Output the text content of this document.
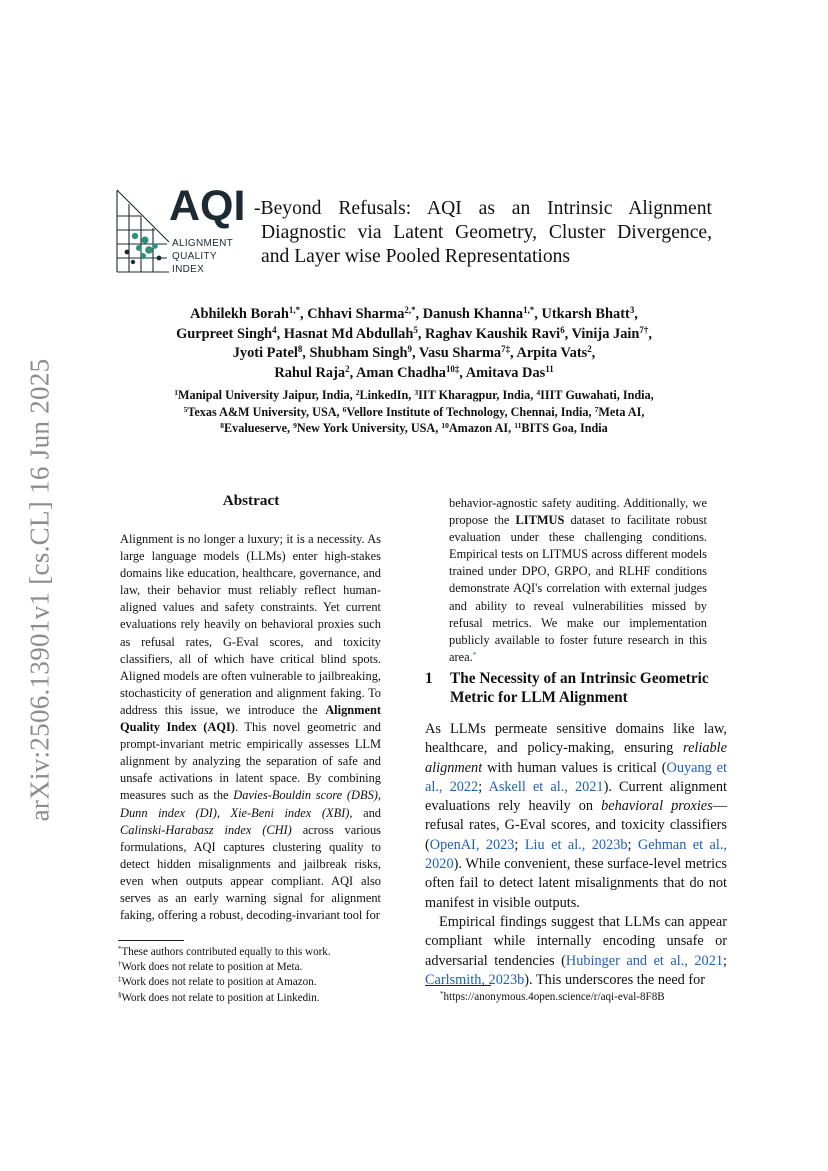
arXiv:2506.13901v1 [cs.CL] 16 Jun 2025
AQI
ALIGNMENT
QUALITY
INDEX
-Beyond Refusals: AQI as an Intrinsic Alignment
Diagnostic via Latent Geometry, Cluster Divergence,
and Layer wise Pooled Representations
Abhilekh Borah$^{1,*}$, Chhavi Sharma$^{2,*}$, Danush Khanna$^{1,*}$, Utkarsh Bhatt$^3$,
Gurpreet Singh$^4$, Hasnat Md Abdullah$^5$, Raghav Kaushik Ravi$^6$, Vinija Jain$^{7\dagger}$,
Jyoti Patel$^8$, Shubham Singh$^9$, Vasu Sharma$^{7\ddagger}$, Arpita Vats$^2$,
Rahul Raja$^2$, Aman Chadha$^{10\ddagger}$, Amitava Das$^{11}$
$^1$Manipal University Jaipur, India, $^2$LinkedIn, $^3$IIT Kharagpur, India, $^4$IIIT Guwahati, India,
$^5$Texas A&M University, USA, $^6$Vellore Institute of Technology, Chennai, India, $^7$Meta AI,
$^8$Evalueserve, $^9$New York University, USA, $^{10}$Amazon AI, $^{11}$BITS Goa, India
Abstract
Alignment is no longer a luxury; it is a necessity. As large language models (LLMs) enter high-stakes domains like education, healthcare, governance, and law, their behavior must reliably reflect human-aligned values and safety constraints. Yet current evaluations rely heavily on behavioral proxies such as refusal rates, G-Eval scores, and toxicity classifiers, all of which have critical blind spots. Aligned models are often vulnerable to jailbreaking, stochasticity of generation and alignment faking. To address this issue, we introduce the Alignment Quality Index (AQI). This novel geometric and prompt-invariant metric empirically assesses LLM alignment by analyzing the separation of safe and unsafe activations in latent space. By combining measures such as the Davies-Bouldin score (DBS), Dunn index (DI), Xie-Beni index (XBI), and Calinski-Harabasz index (CHI) across various formulations, AQI captures clustering quality to detect hidden misalignments and jailbreak risks, even when outputs appear compliant. AQI also serves as an early warning signal for alignment faking, offering a robust, decoding-invariant tool for
behavior-agnostic safety auditing. Additionally, we propose the LITMUS dataset to facilitate robust evaluation under these challenging conditions. Empirical tests on LITMUS across different models trained under DPO, GRPO, and RLHF conditions demonstrate AQI's correlation with external judges and ability to reveal vulnerabilities missed by refusal metrics. We make our implementation publicly available to foster future research in this area.*
1 The Necessity of an Intrinsic Geometric Metric for LLM Alignment

As LLMs permeate sensitive domains like law, healthcare, and policy-making, ensuring reliable alignment with human values is critical (Ouyang et al., 2022; Askell et al., 2021). Current alignment evaluations rely heavily on behavioral proxies—refusal rates, G-Eval scores, and toxicity classifiers (OpenAI, 2023; Liu et al., 2023b; Gehman et al., 2020). While convenient, these surface-level metrics often fail to detect latent misalignments that do not manifest in visible outputs.

Empirical findings suggest that LLMs can appear compliant while internally encoding unsafe or adversarial tendencies (Hubinger and et al., 2021; Carlsmith, 2023b). This underscores the need for

*These authors contributed equally to this work.
†Work does not relate to position at Meta.
‡Work does not relate to position at Amazon.
§Work does not relate to position at Linkedin.	*https://anonymous.4open.science/r/aqi-eval-8F8B
